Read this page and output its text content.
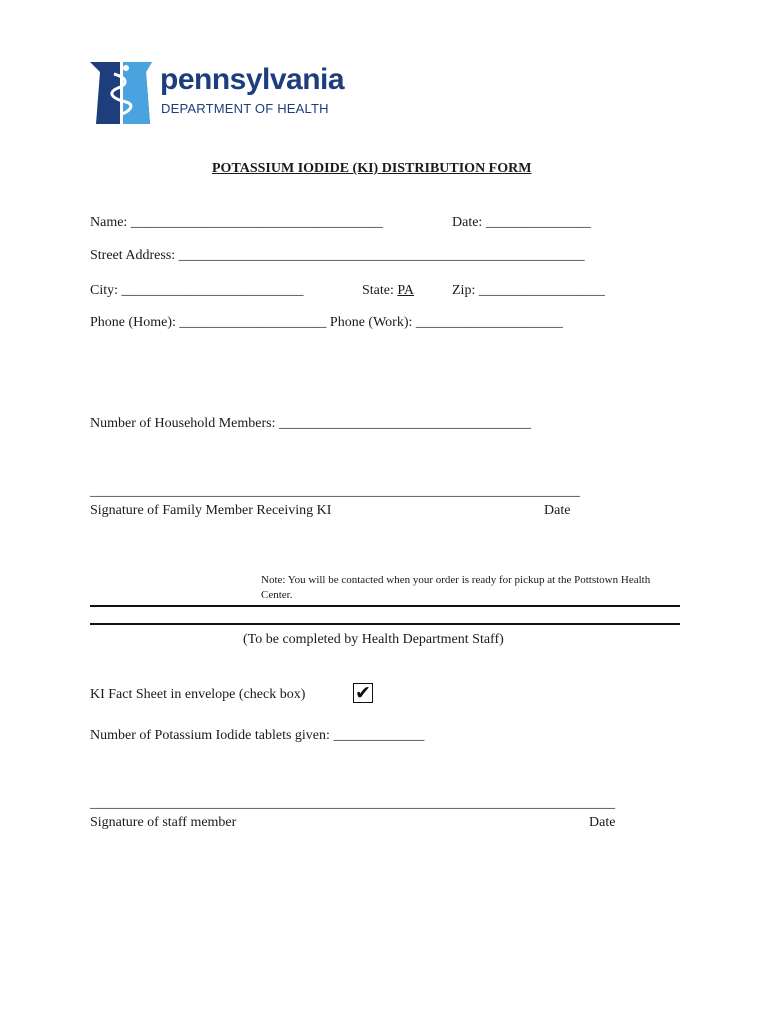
pennsylvania
DEPARTMENT OF HEALTH
POTASSIUM IODIDE (KI) DISTRIBUTION FORM
Name: ____________________________________	Date: _______________
Street Address: __________________________________________________________
City: __________________________	State: PA	Zip: __________________
Phone (Home): _____________________ Phone (Work): _____________________
Number of Household Members: ____________________________________
______________________________________________________________________
Signature of Family Member Receiving KI	Date
Note: You will be contacted when your order is ready for pickup at the Pottstown Health Center.
(To be completed by Health Department Staff)
KI Fact Sheet in envelope (check box)	✔
Number of Potassium Iodide tablets given: _____________
___________________________________________________________________________
Signature of staff member	Date
